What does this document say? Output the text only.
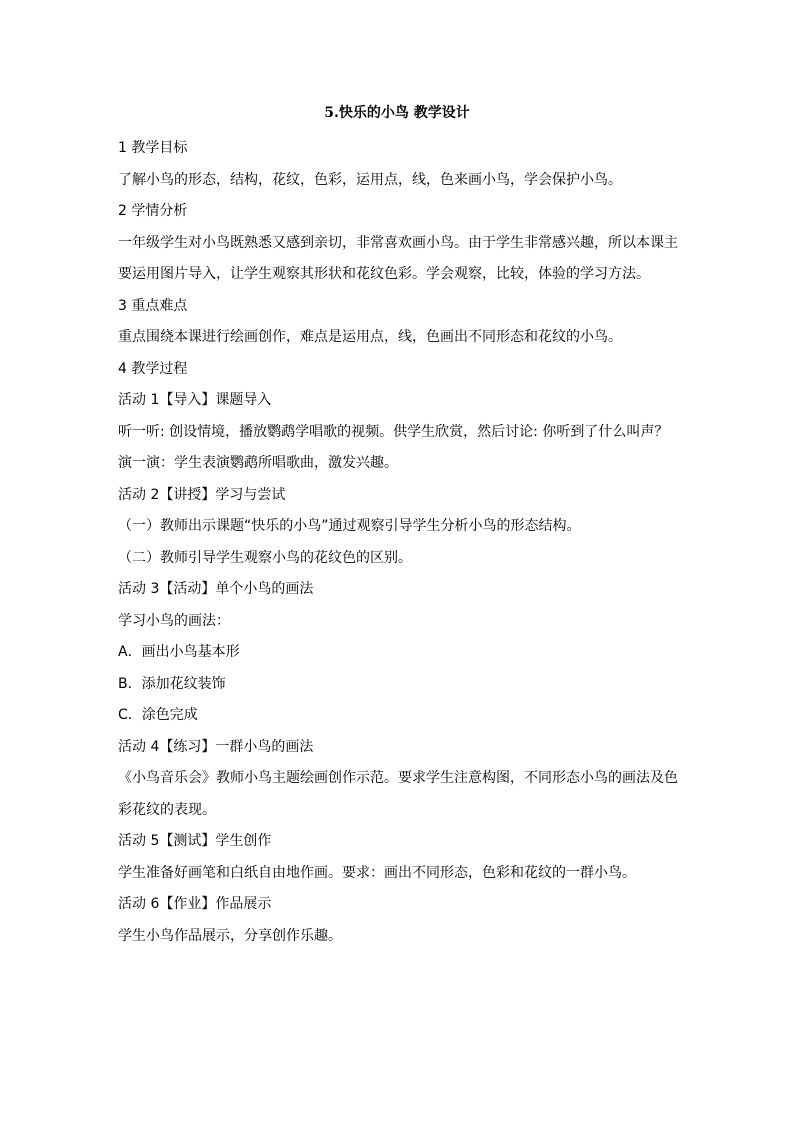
5.快乐的小鸟 教学设计

1 教学目标

了解小鸟的形态，结构，花纹，色彩，运用点，线，色来画小鸟，学会保护小鸟。

2 学情分析

一年级学生对小鸟既熟悉又感到亲切，非常喜欢画小鸟。由于学生非常感兴趣，所以本课主

要运用图片导入，让学生观察其形状和花纹色彩。学会观察，比较，体验的学习方法。

3 重点难点

重点围绕本课进行绘画创作，难点是运用点，线，色画出不同形态和花纹的小鸟。

4 教学过程

活动 1【导入】课题导入

听一听: 创设情境，播放鹦鹉学唱歌的视频。供学生欣赏，然后讨论: 你听到了什么叫声？

演一演：学生表演鹦鹉所唱歌曲，激发兴趣。

活动 2【讲授】学习与尝试

（一）教师出示课题“快乐的小鸟”通过观察引导学生分析小鸟的形态结构。

（二）教师引导学生观察小鸟的花纹色的区别。

活动 3【活动】单个小鸟的画法

学习小鸟的画法：

A．画出小鸟基本形

B．添加花纹装饰

C．涂色完成

活动 4【练习】一群小鸟的画法

《小鸟音乐会》教师小鸟主题绘画创作示范。要求学生注意构图，不同形态小鸟的画法及色

彩花纹的表现。

活动 5【测试】学生创作

学生准备好画笔和白纸自由地作画。要求：画出不同形态，色彩和花纹的一群小鸟。

活动 6【作业】作品展示

学生小鸟作品展示，分享创作乐趣。
